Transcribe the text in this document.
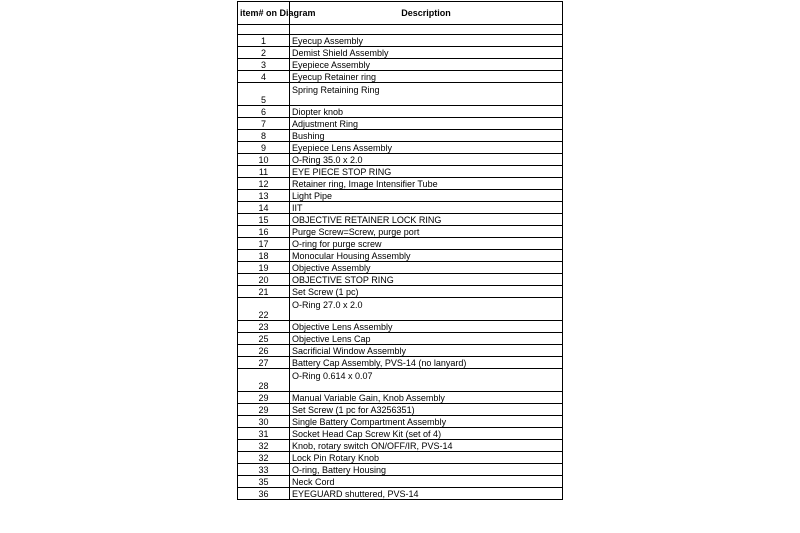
item# on Diagram	Description

1	Eyecup Assembly
2	Demist Shield Assembly
3	Eyepiece Assembly
4	Eyecup Retainer ring
5	Spring Retaining Ring
6	Diopter knob
7	Adjustment Ring
8	Bushing
9	Eyepiece Lens Assembly
10	O-Ring 35.0 x 2.0
11	EYE PIECE STOP RING
12	Retainer ring, Image Intensifier Tube
13	Light Pipe
14	IIT
15	OBJECTIVE RETAINER LOCK RING
16	Purge Screw=Screw, purge port
17	O-ring for purge screw
18	Monocular Housing Assembly
19	Objective Assembly
20	OBJECTIVE STOP RING
21	Set Screw (1 pc)
22	O-Ring 27.0 x 2.0
23	Objective Lens Assembly
25	Objective Lens Cap
26	Sacrificial Window Assembly
27	Battery Cap Assembly, PVS-14 (no lanyard)
28	O-Ring 0.614 x 0.07
29	Manual Variable Gain, Knob Assembly
29	Set Screw (1 pc for A3256351)
30	Single Battery Compartment Assembly
31	Socket Head Cap Screw Kit (set of 4)
32	Knob, rotary switch ON/OFF/IR, PVS-14
32	Lock Pin Rotary Knob
33	O-ring, Battery Housing
35	Neck Cord
36	EYEGUARD shuttered, PVS-14
